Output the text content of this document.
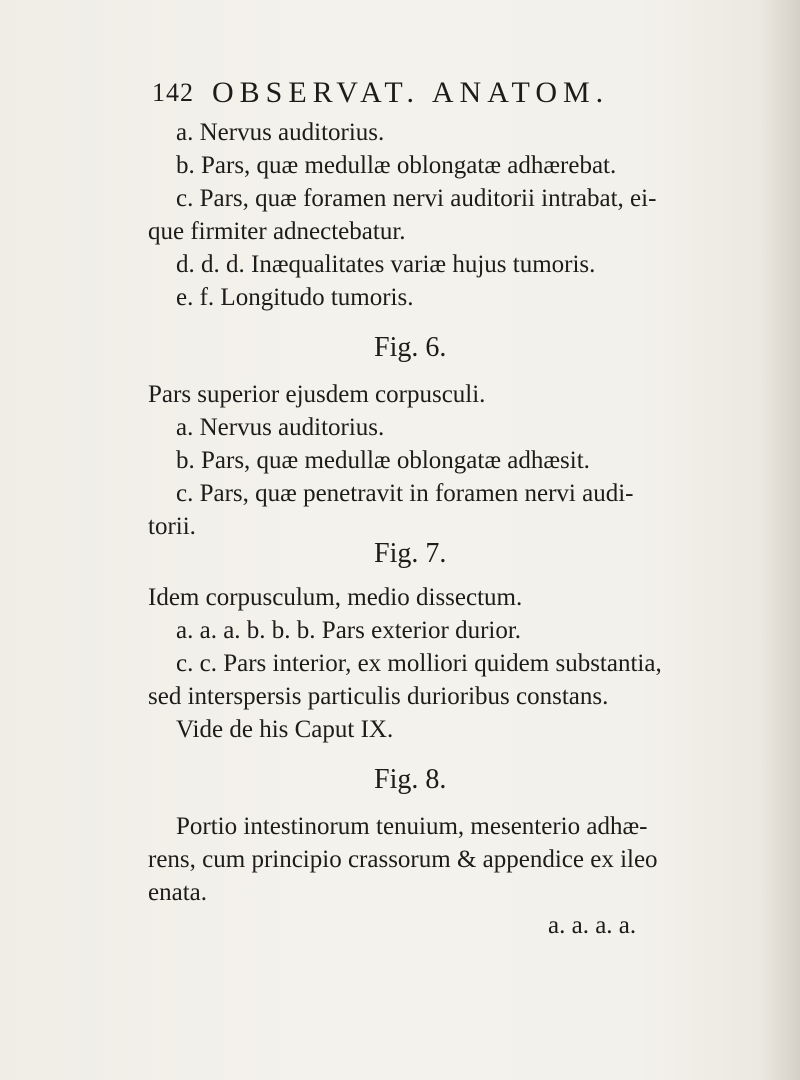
142 OBSERVAT. ANATOM.
a. Nervus auditorius.
b. Pars, quæ medullæ oblongatæ adhærebat.
c. Pars, quæ foramen nervi auditorii intrabat, ei-
que firmiter adnectebatur.
d. d. d. Inæqualitates variæ hujus tumoris.
e. f. Longitudo tumoris.
Fig. 6.
Pars superior ejusdem corpusculi.
a. Nervus auditorius.
b. Pars, quæ medullæ oblongatæ adhæsit.
c. Pars, quæ penetravit in foramen nervi audi-
torii.
Fig. 7.
Idem corpusculum, medio dissectum.
a. a. a. b. b. b. Pars exterior durior.
c. c. Pars interior, ex molliori quidem substantia,
sed interspersis particulis durioribus constans.
Vide de his Caput IX.
Fig. 8.
Portio intestinorum tenuium, mesenterio adhæ-
rens, cum principio crassorum & appendice ex ileo
enata.
a. a. a. a.
